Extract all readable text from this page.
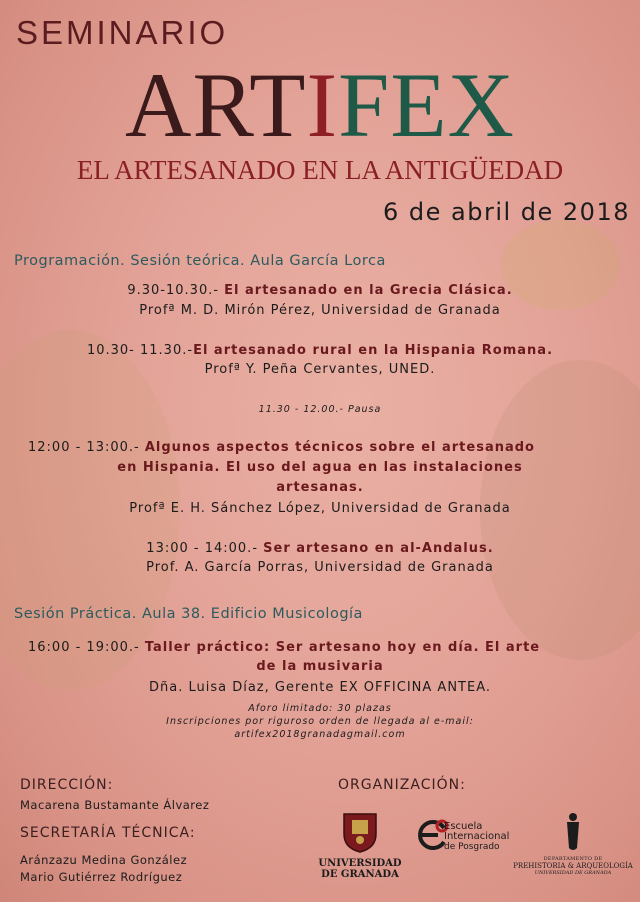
SEMINARIO
ARTIFEX
EL ARTESANADO EN LA ANTIGÜEDAD
6 de abril de 2018
Programación. Sesión teórica. Aula García Lorca
9.30-10.30.- El artesanado en la Grecia Clásica.
Profª M. D. Mirón Pérez, Universidad de Granada
10.30- 11.30.-El artesanado rural en la Hispania Romana.
Profª Y. Peña Cervantes, UNED.
11.30 - 12.00.- Pausa
12:00 - 13:00.- Algunos aspectos técnicos sobre el artesanado
en Hispania. El uso del agua en las instalaciones
artesanas.
Profª E. H. Sánchez López, Universidad de Granada
13:00 - 14:00.- Ser artesano en al-Andalus.
Prof. A. García Porras, Universidad de Granada
Sesión Práctica. Aula 38. Edificio Musicología
16:00 - 19:00.- Taller práctico: Ser artesano hoy en día. El arte
de la musivaria
Dña. Luisa Díaz, Gerente EX OFFICINA ANTEA.
Aforo limitado: 30 plazas
Inscripciones por riguroso orden de llegada al e-mail:
artifex2018granadagmail.com
DIRECCIÓN:
Macarena Bustamante Álvarez
SECRETARÍA TÉCNICA:
Aránzazu Medina González
Mario Gutiérrez Rodríguez
ORGANIZACIÓN:
UNIVERSIDAD
DE GRANADA
Escuela
Internacional
de Posgrado
DEPARTAMENTO DE
PREHISTORIA & ARQUEOLOGÍA
UNIVERSIDAD DE GRANADA
